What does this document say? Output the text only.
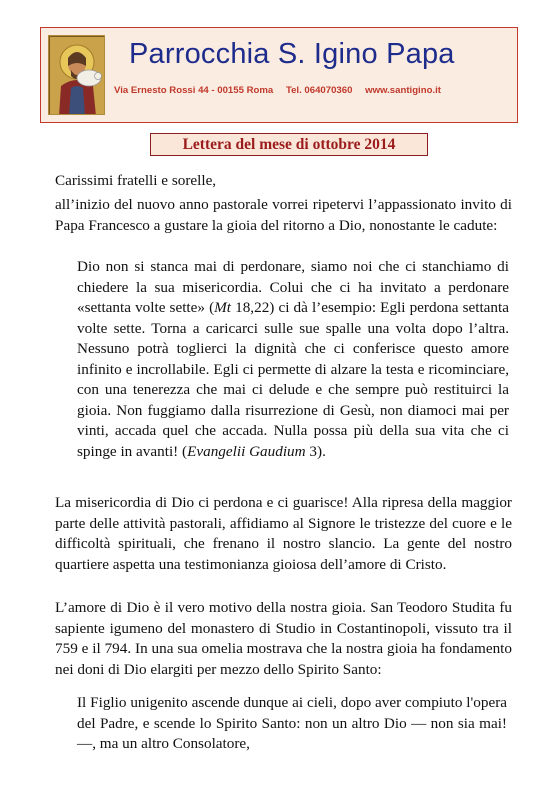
Parrocchia S. Igino Papa
Via Ernesto Rossi 44 - 00155 Roma Tel. 064070360 www.santigino.it
Lettera del mese di ottobre 2014
Carissimi fratelli e sorelle,

all’inizio del nuovo anno pastorale vorrei ripetervi l’appassionato invito di Papa Francesco a gustare la gioia del ritorno a Dio, nonostante le cadute:

Dio non si stanca mai di perdonare, siamo noi che ci stanchiamo di chiedere la sua misericordia. Colui che ci ha invitato a perdonare «settanta volte sette» (Mt 18,22) ci dà l’esempio: Egli perdona settanta volte sette. Torna a caricarci sulle sue spalle una volta dopo l’altra. Nessuno potrà toglierci la dignità che ci conferisce questo amore infinito e incrollabile. Egli ci permette di alzare la testa e ricominciare, con una tenerezza che mai ci delude e che sempre può restituirci la gioia. Non fuggiamo dalla risurrezione di Gesù, non diamoci mai per vinti, accada quel che accada. Nulla possa più della sua vita che ci spinge in avanti! (Evangelii Gaudium 3).

La misericordia di Dio ci perdona e ci guarisce! Alla ripresa della maggior parte delle attività pastorali, affidiamo al Signore le tristezze del cuore e le difficoltà spirituali, che frenano il nostro slancio. La gente del nostro quartiere aspetta una testimonianza gioiosa dell’amore di Cristo.

L’amore di Dio è il vero motivo della nostra gioia. San Teodoro Studita fu sapiente igumeno del monastero di Studio in Costantinopoli, vissuto tra il 759 e il 794. In una sua omelia mostrava che la nostra gioia ha fondamento nei doni di Dio elargiti per mezzo dello Spirito Santo:

Il Figlio unigenito ascende dunque ai cieli, dopo aver compiuto l'opera del Padre, e scende lo Spirito Santo: non un altro Dio — non sia mai! —, ma un altro Consolatore,
